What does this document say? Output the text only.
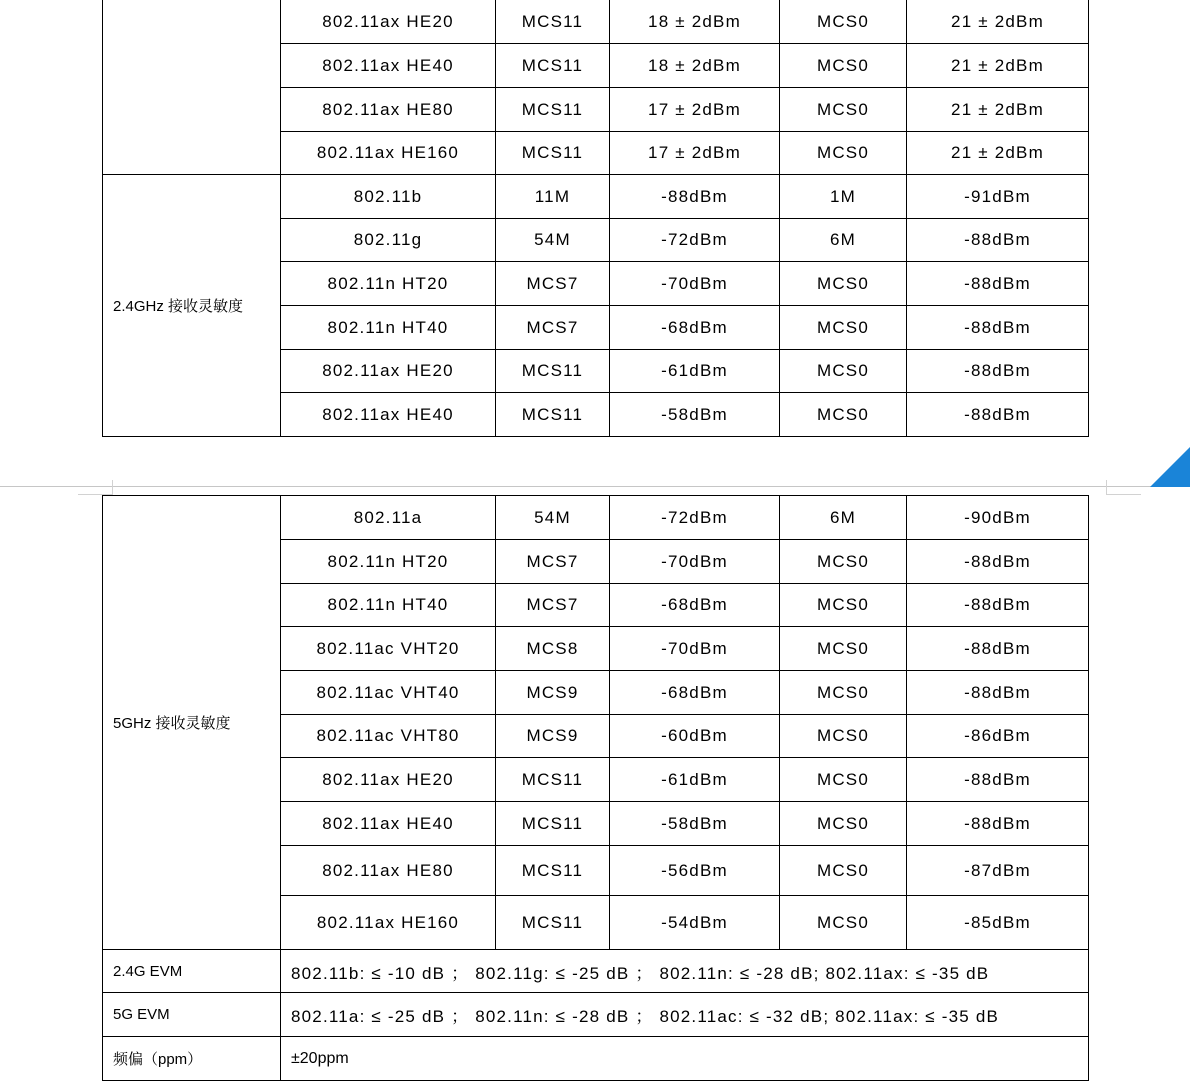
	802.11ax HE20	MCS11	18 ± 2dBm	MCS0	21 ± 2dBm
	802.11ax HE40	MCS11	18 ± 2dBm	MCS0	21 ± 2dBm
	802.11ax HE80	MCS11	17 ± 2dBm	MCS0	21 ± 2dBm
	802.11ax HE160	MCS11	17 ± 2dBm	MCS0	21 ± 2dBm
2.4GHz 接收灵敏度	802.11b	11M	-88dBm	1M	-91dBm
	802.11g	54M	-72dBm	6M	-88dBm
	802.11n HT20	MCS7	-70dBm	MCS0	-88dBm
	802.11n HT40	MCS7	-68dBm	MCS0	-88dBm
	802.11ax HE20	MCS11	-61dBm	MCS0	-88dBm
	802.11ax HE40	MCS11	-58dBm	MCS0	-88dBm
5GHz 接收灵敏度	802.11a	54M	-72dBm	6M	-90dBm
	802.11n HT20	MCS7	-70dBm	MCS0	-88dBm
	802.11n HT40	MCS7	-68dBm	MCS0	-88dBm
	802.11ac VHT20	MCS8	-70dBm	MCS0	-88dBm
	802.11ac VHT40	MCS9	-68dBm	MCS0	-88dBm
	802.11ac VHT80	MCS9	-60dBm	MCS0	-86dBm
	802.11ax HE20	MCS11	-61dBm	MCS0	-88dBm
	802.11ax HE40	MCS11	-58dBm	MCS0	-88dBm
	802.11ax HE80	MCS11	-56dBm	MCS0	-87dBm
	802.11ax HE160	MCS11	-54dBm	MCS0	-85dBm
2.4G EVM	802.11b: ≤ -10 dB ； 802.11g: ≤ -25 dB ； 802.11n: ≤ -28 dB; 802.11ax: ≤ -35 dB				
5G EVM	802.11a: ≤ -25 dB ； 802.11n: ≤ -28 dB ； 802.11ac: ≤ -32 dB; 802.11ax: ≤ -35 dB				
频偏（ppm）	±20ppm				
